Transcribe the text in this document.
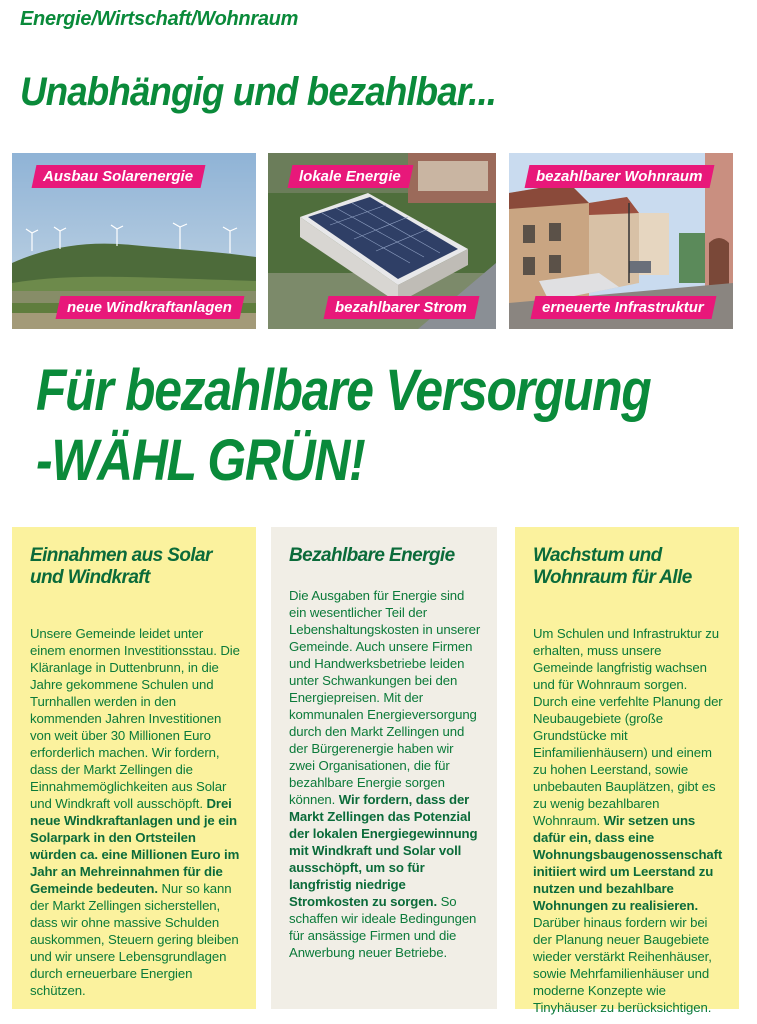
Energie/Wirtschaft/Wohnraum
Unabhängig und bezahlbar...
Ausbau Solarenergie
neue Windkraftanlagen
lokale Energie
bezahlbarer Strom
bezahlbarer Wohnraum
erneuerte Infrastruktur
Für bezahlbare Versorgung
-WÄHL GRÜN!
Einnahmen aus Solar und Windkraft

Unsere Gemeinde leidet unter einem enormen Investitionsstau. Die Kläranlage in Duttenbrunn, in die Jahre gekommene Schulen und Turnhallen werden in den kommenden Jahren Investitionen von weit über 30 Millionen Euro erforderlich machen. Wir fordern, dass der Markt Zellingen die Einnahmemöglichkeiten aus Solar und Windkraft voll ausschöpft. Drei neue Windkraftanlagen und je ein Solarpark in den Ortsteilen würden ca. eine Millionen Euro im Jahr an Mehreinnahmen für die Gemeinde bedeuten. Nur so kann der Markt Zellingen sicherstellen, dass wir ohne massive Schulden auskommen, Steuern gering bleiben und wir unsere Lebensgrundlagen durch erneuerbare Energien schützen.

Bezahlbare Energie

Die Ausgaben für Energie sind ein wesentlicher Teil der Lebenshaltungskosten in unserer Gemeinde. Auch unsere Firmen und Handwerksbetriebe leiden unter Schwankungen bei den Energiepreisen. Mit der kommunalen Energieversorgung durch den Markt Zellingen und der Bürgerenergie haben wir zwei Organisationen, die für bezahlbare Energie sorgen können. Wir fordern, dass der Markt Zellingen das Potenzial der lokalen Energiegewinnung mit Windkraft und Solar voll ausschöpft, um so für langfristig niedrige Stromkosten zu sorgen. So schaffen wir ideale Bedingungen für ansässige Firmen und die Anwerbung neuer Betriebe.

Wachstum und Wohnraum für Alle

Um Schulen und Infrastruktur zu erhalten, muss unsere Gemeinde langfristig wachsen und für Wohnraum sorgen. Durch eine verfehlte Planung der Neubaugebiete (große Grundstücke mit Einfamilienhäusern) und einem zu hohen Leerstand, sowie unbebauten Bauplätzen, gibt es zu wenig bezahlbaren Wohnraum. Wir setzen uns dafür ein, dass eine Wohnungsbaugenossenschaft initiiert wird um Leerstand zu nutzen und bezahlbare Wohnungen zu realisieren. Darüber hinaus fordern wir bei der Planung neuer Baugebiete wieder verstärkt Reihenhäuser, sowie Mehrfamilienhäuser und moderne Konzepte wie Tinyhäuser zu berücksichtigen.
